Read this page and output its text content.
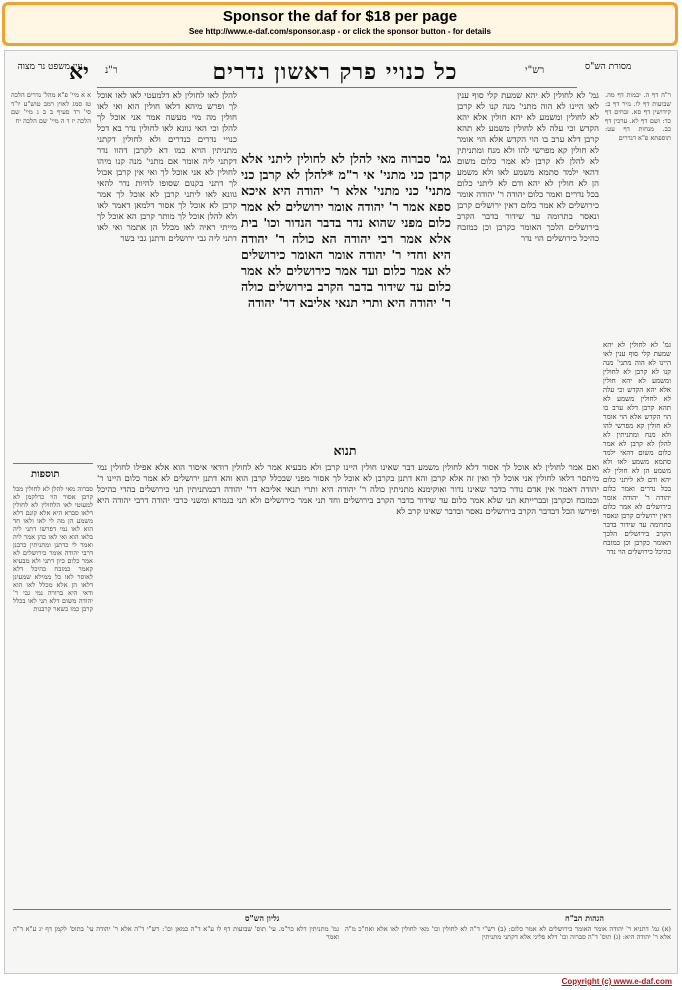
Sponsor the daf for $18 per page
See http://www.e-daf.com/sponsor.asp - or click the sponsor button - for details
כל כנויי פרק ראשון נדרים	רש"י
ר"נ
יא	מסורת הש"ס
עין משפט נר מצוה
ר"ה דף ה. יבמות דף מה. שבועות דף לו. נזיר דף ב: קידושין דף סא. זבחים דף כד: ושם דף לא. ערכין דף כב. מנחות דף עט: תוספתא פ"א דנדרים
א א מיי' פ"א מהל' נדרים הלכה טז סמג לאוין רמב טוש"ע יו"ד סי' רד סעיף ב ב ג מיי' שם הלכה יז ד ה מיי' שם הלכה יח
גמ' סברוה מאי להלן לא לחולין ליתני אלא קרבן כני מתני' אי ר"מ *להלן לא קרבן כני מתני' כני מתני' אלא ר' יהודה היא איכא ספא אמר ר' יהודה אומר ירושלים לא אמר כלום מפני שהוא נדר בדבר הנדור וכו' בית אלא אמר רבי יהודה הא כולה ר' יהודה היא וחדי ר' יהודה אומר האומר כירושלים לא אמר כלום ועד אמר כירושלים לא אמר כלום עד שידור בדבר הקרב בירושלים כולה ר' יהודה היא ותרי תנאי אליבא דר' יהודה
תנוא
גמ' לא לחולין לא יהא שמעת קלי סוף ענין לאו היינו לא הוה מתני' מנה קנו לא קרבן לא לחולין ומשמע לא יהא חולין אלא יהא הקדש וכי עלה לא לחולין משמע לא תהא קרבן דלא ערב בו הוי הקדש אלא הוי אומר לא חולין קא מפרשי להו ולא מנח ומתניתין לא להלן לא קרבן לא אמר כלום משום דהאי ילמד סתמא משמע לאו ולא משמע הן לא חולין לא יהא ודם לא ליתני כלום בכל נדרים ואמר כלום יהודה ר' יהודה אומר כירושלים לא אמר כלום דאין ירושלים קרבן ונאסר בתרומה עד שידור בדבר הקרב בירושלים הלכך האומר כקרבן וכן כמזבח כהיכל כירושלים הוי נדר
להלן לאו לחולין לא דלמעטי לאו לאו אוכל לך ופרש מיהא דלאו חולין הוא ואי לאו חולין מה מוי מעשה אמר אני אוכל לך להלן וכי האי גוונא לאו לחולין נדר בא דכל כנויי נדרים כנדרים ולא לחולין דקתני מתניתין הויא כמו דא לקרבן דהוו נדר דקתני ליה אומר אם מתני' מנה קנו מיהו לחולין לא אני אוכל לך ואי אין קרבן אכול לך דתני בקנום שסופו להיות נדר להאי גוונא לאו ליתני קרבן לא אוכל לך אמר קרבן לא אוכל לך אסור דלמאן דאמר לאו ולא להלן אוכל לך מותר קרבן הא אוכל לך מייתי ראיה לאו מכלל הן אתמר ואי לאו דתני ליה גבי ירושלים ודתנן גבי בשר
תוספות
סברוה מאי להלן לא לחולין מכל קרבן אסור הוי כדלקמן לא למעוטי לאו הלחולין לא לחולין דלאו סברא היא אלא קונם דלא משמע הן מה לי לאו ולאו חד הוא לאו נמי דפרשו דתני ליה בלאו הוא ואי לאו כהן אמר ליה ואמר לי כדתנן ומתניתין כרבנן דרבי יהודה אומר כירושלים לא אמר כלום כיון דתני ולא מבעיא קאמר כמזבח כהיכל דלא לאוסר לאו כל ממילא שמעינן דלאו הן אלא מכלל לאו הוא ודאי היא ברורה נמי גבי ר' יהודה משום דלא תני לאו בכלל קרבן כמו כשאר קרבנות
ואם אמר לחולין לא אוכל לך אסור דלא לחולין משמע דבר שאינו חולין היינו קרבן ולא מבעיא אמר לא לחולין דודאי איסור הוא אלא אפילו לחולין נמי מיתסר דלאו לחולין אני אוכל לך ואין זה אלא קרבן והא דתנן בקרבן לא אוכל לך אסור מפני שבכלל קרבן הוא והא דתנן ירושלים לא אמר כלום היינו ר' יהודה דאמר אין אדם נודר בדבר שאינו נדור ואוקימנא מתניתין כולה ר' יהודה היא ותרי תנאי אליבא דר' יהודה דבמתניתין תני כירושלים בהדי כהיכל וכמזבח וכקרבן ובברייתא תני שלא אמר כלום עד שידור בדבר הקרב בירושלים וחד תני אמר כירושלים ולא תני בגמרא ומשני כרבי יהודה דרבי יהודה היא ופירשו הכל דבדבר הקרב בירושלים נאסר ובדבר שאינו קרב לא
גמ' לא לחולין לא יהא שמעת קלי סוף ענין לאו היינו לא הוה מתני' מנה קנו לא קרבן לא לחולין ומשמע לא יהא חולין אלא יהא הקדש וכי עלה לא לחולין משמע לא תהא קרבן דלא ערב בו הוי הקדש אלא הוי אומר לא חולין קא מפרשי להו ולא מנח ומתניתין לא להלן לא קרבן לא אמר כלום משום דהאי ילמד סתמא משמע לאו ולא משמע הן לא חולין לא יהא ודם לא ליתני כלום בכל נדרים ואמר כלום יהודה ר' יהודה אומר כירושלים לא אמר כלום דאין ירושלים קרבן ונאסר בתרומה עד שידור בדבר הקרב בירושלים הלכך האומר כקרבן וכן כמזבח כהיכל כירושלים הוי נדר
הגהות הב"ח
(א) גמ' דתניא ר' יהודה אומר האומר כירושלים לא אמר כלום: (ב) רש"י ד"ה לא לחולין וכו' מאי לחולין לאו אלא ואח"כ מ"ה אלא ר' יהודה היא: (ג) תוס' ד"ה סברוה וכו' דלא פליגי אלא דקתני מתניתין
גליון הש"ס
גמ' מתניתין דלא כר"מ. עי' תוס' שבועות דף לו ע"א ד"ה כמאן וכו': רש"י ד"ה אלא ר' יהודה עי' בתוס' לקמן דף יג ע"א ד"ה ואמר
Copyright (c) www.e-daf.com
